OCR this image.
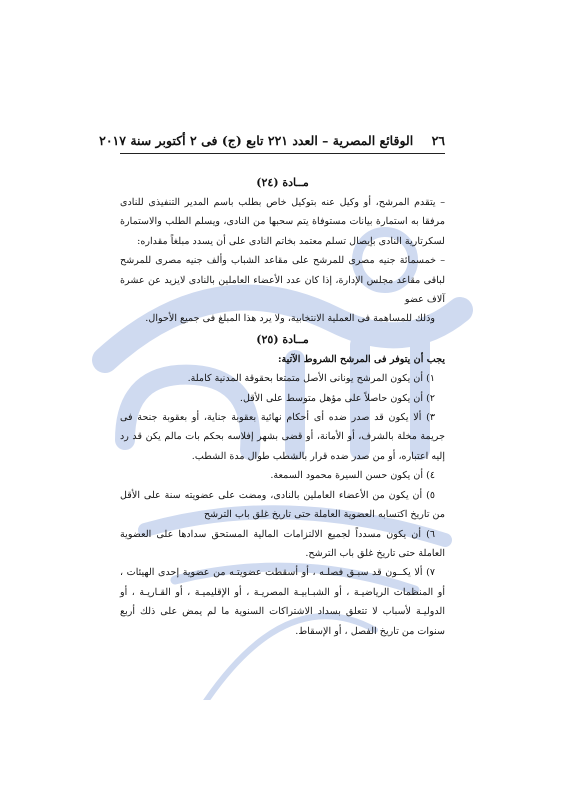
٢٦ الوقائع المصرية – العدد ٢٢١ تابع (ج) فى ٢ أكتوبر سنة ٢٠١٧

مــادة (٢٤)

– يتقدم المرشح، أو وكيل عنه بتوكيل خاص بطلب باسم المدير التنفيذى للنادى مرفقا به استمارة بيانات مستوفاة يتم سحبها من النادى، ويسلم الطلب والاستمارة لسكرتارية النادى بإيصال تسلم معتمد بخاتم النادى على أن يسدد مبلغاً مقداره:

– خمسمائة جنيه مصرى للمرشح على مقاعد الشباب وألف جنيه مصرى للمرشح لباقى مقاعد مجلس الإدارة، إذا كان عدد الأعضاء العاملين بالنادى لايزيد عن عشرة آلاف عضو

وذلك للمساهمة فى العملية الانتخابية، ولا يرد هذا المبلغ فى جميع الأحوال.

مــادة (٢٥)

يجب أن يتوفر فى المرشح الشروط الآتية:

١) أن يكون المرشح يونانى الأصل متمتعا بحقوقة المدنية كاملة.

٢) أن يكون حاصلاً على مؤهل متوسط على الأقل.

٣) ألا يكون قد صدر ضده أى أحكام نهائية بعقوبة جناية، أو بعقوبة جنحة فى جريمة مخلة بالشرف، أو الأمانة، أو قضى بشهر إفلاسه بحكم بات مالم يكن قد رد إليه اعتباره، أو من صدر ضده قرار بالشطب طوال مدة الشطب.

٤) أن يكون حسن السيرة محمود السمعة.

٥) أن يكون من الأعضاء العاملين بالنادى، ومضت على عضويته سنة على الأقل من تاريخ اكتسابه العضوية العاملة حتى تاريخ غلق باب الترشح

٦) أن يكون مسدداً لجميع الالتزامات المالية المستحق سدادها على العضوية العاملة حتى تاريخ غلق باب الترشح.

٧) ألا يكــون قد سبـق فصلـه ، أو أسقطت عضويتـه من عضوية إحدى الهيئات ، أو المنظمات الرياضيـة ، أو الشبـابيـة المصريـة ، أو الإقليميـة ، أو القـاريـة ، أو الدوليـة لأسباب لا تتعلق بسداد الاشتراكات السنوية ما لم يمض على ذلك أربع سنوات من تاريخ الفصل ، أو الإسقاط.
